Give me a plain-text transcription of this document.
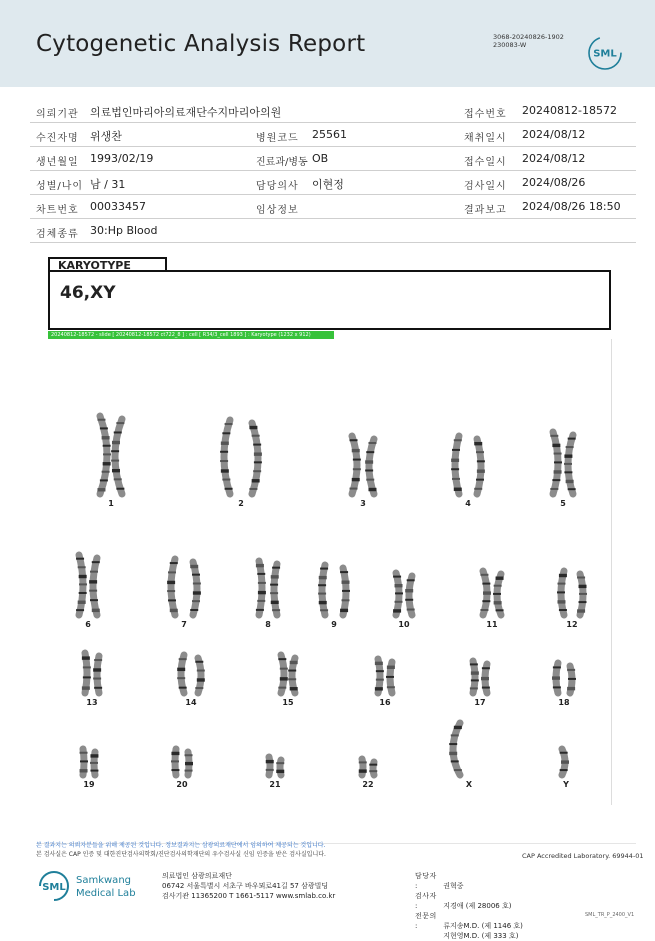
Cytogenetic Analysis Report	3068-20240826-1902
230083-W
SML
의뢰기관 의료법인마리아의료재단수지마리아의원	접수번호 20240812-18572
수진자명 위생찬	병원코드 25561	채취일시 2024/08/12
생년월일 1993/02/19	진료과/병동 OB	접수일시 2024/08/12
성별/나이 남 / 31	담당의사 이현정	검사일시 2024/08/26
차트번호 00033457	임상정보	결과보고 2024/08/26 18:50
검체종류 30:Hp Blood
KARYOTYPE
46,XY
20240812-18572 - slide [ 20240812-18572 ct722_8 ] : cell [ R34/3_cell 1893 ] : Karyotype (1232 x 912)
1	2	3	4	5
6	7	8	9	10	11	12
13	14	15	16	17	18
19	20	21	22	X	Y
본 결과지는 의뢰자분들을 위해 제공된 것입니다. 정보결과지는 삼광의료재단에서 임의하여 제공되는 것입니다.
본 검사실은 CAP 인증 및 대한진단검사의학회/진단검사의학재단의 우수검사실 신임 인증을 받은 검사실입니다.	CAP Accredited Laboratory. 69944-01
SML
Samkwang
Medical Lab
의료법인 삼광의료재단
06742 서울특별시 서초구 바우뫼로41길 57 삼광빌딩
검사기관 11365200 T 1661-5117 www.smlab.co.kr
담당자 :	권혁중
검사자 :	지경애 (제 28006 호)
전문의 :	류지송M.D. (제 1146 호)
지현영M.D. (제 333 호)
SML_TR_P_2400_V1
